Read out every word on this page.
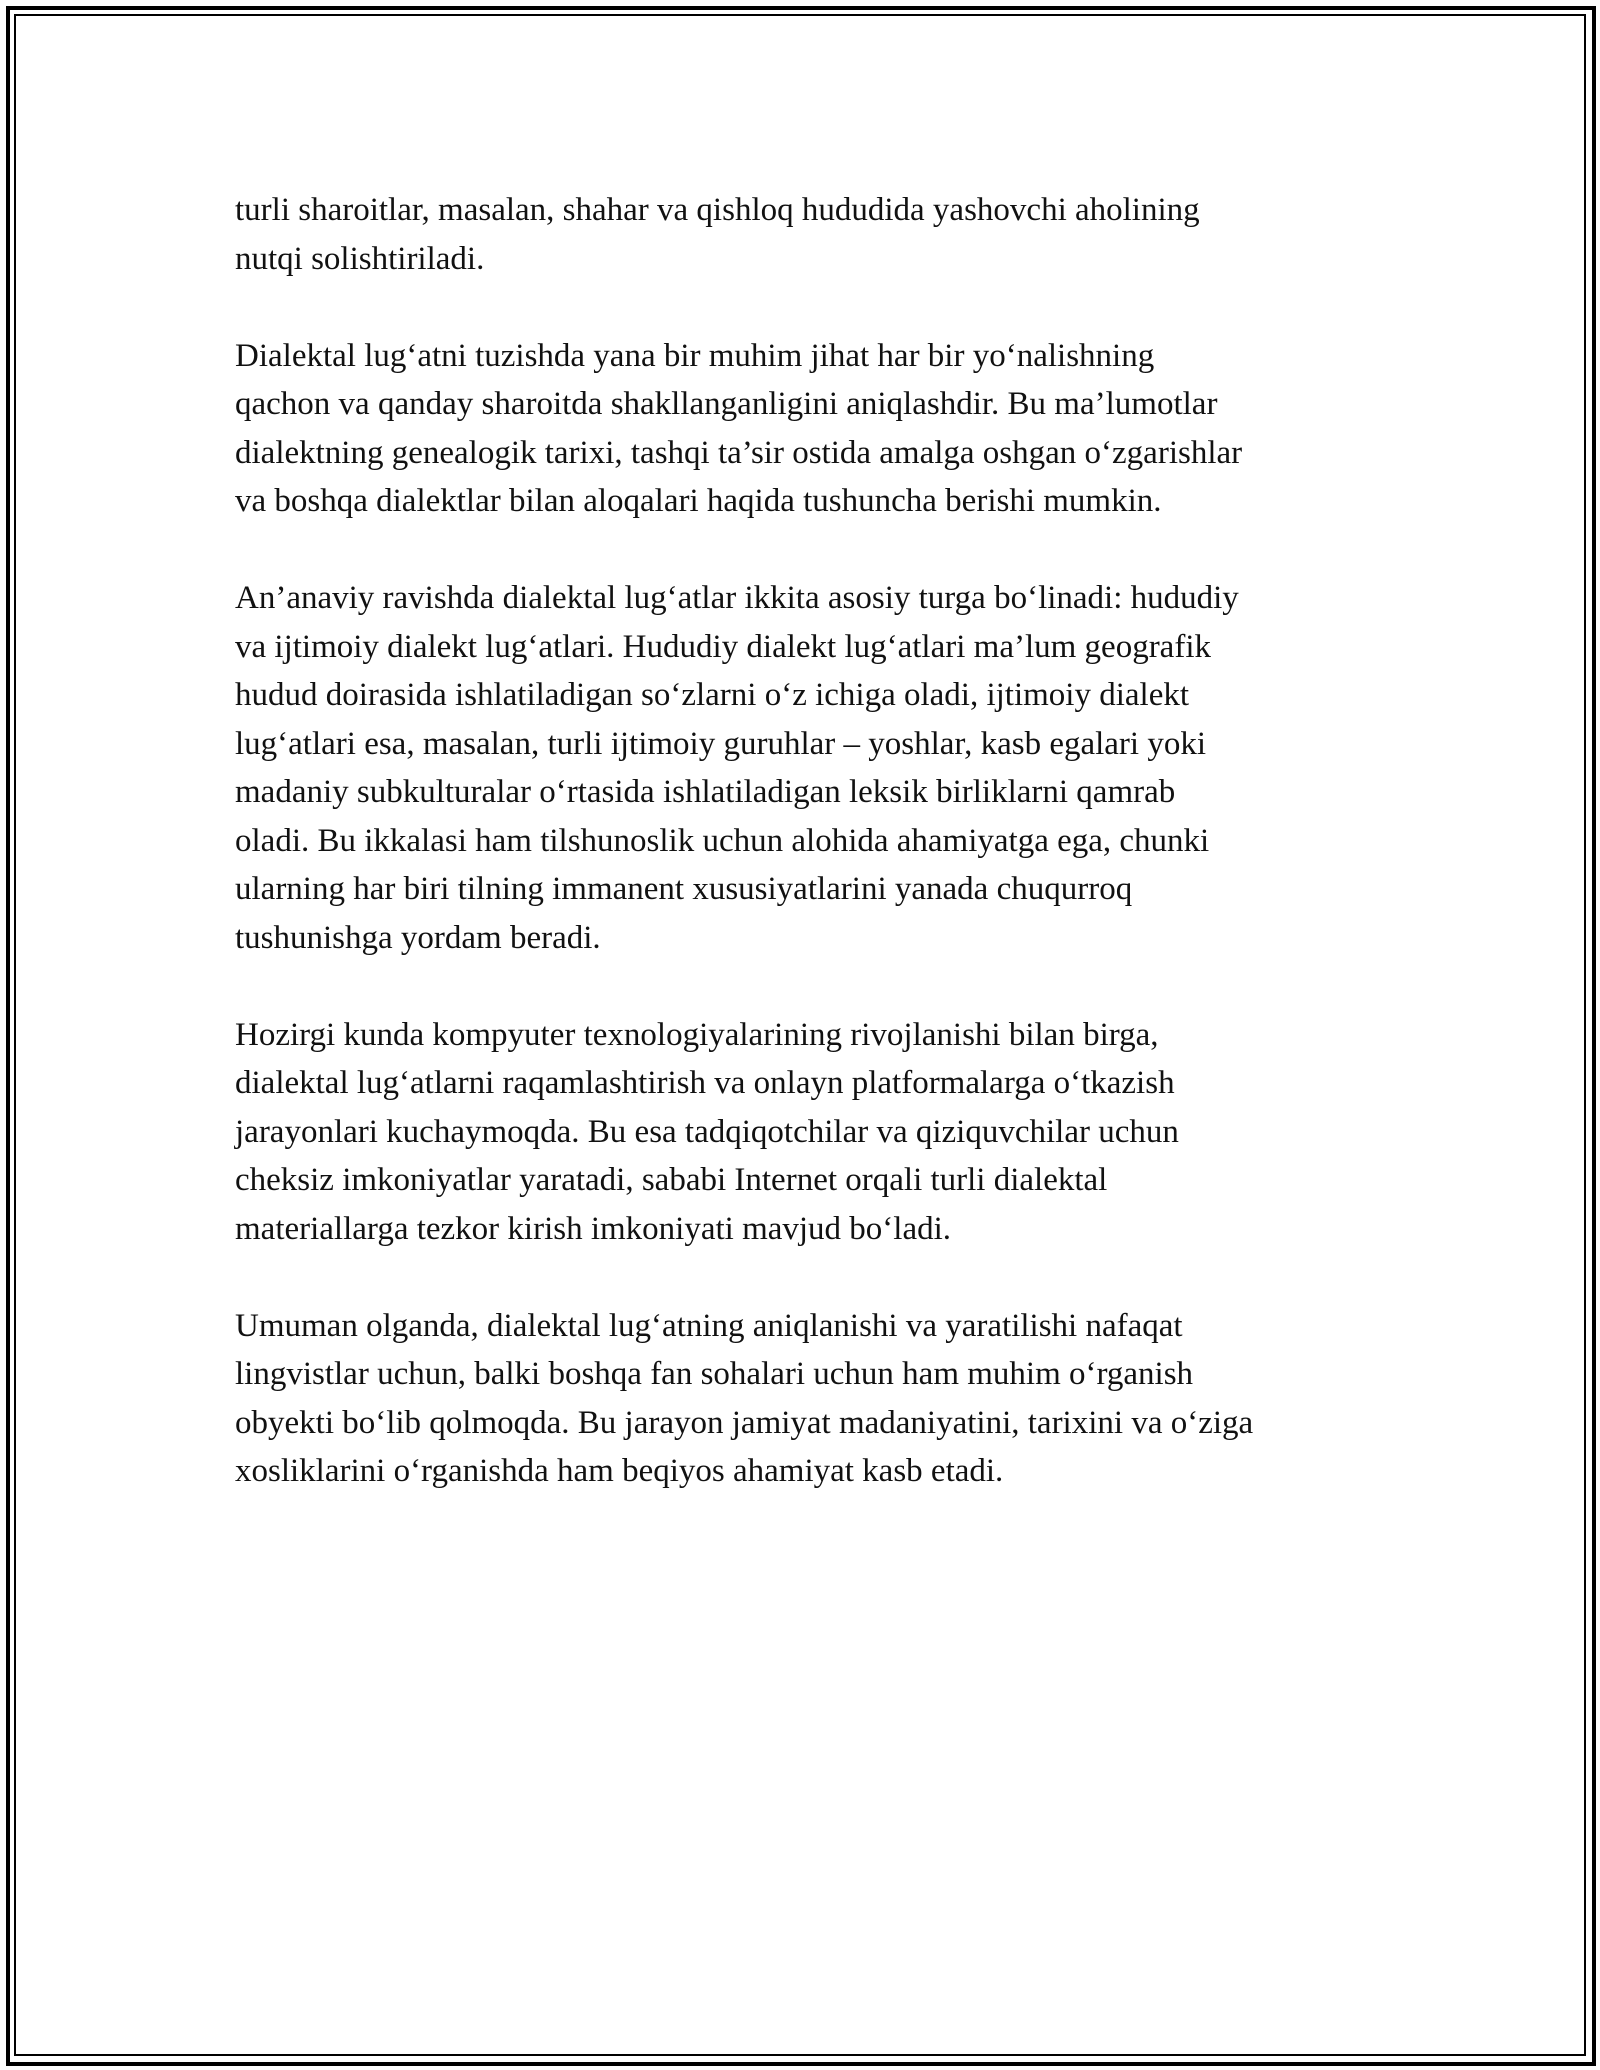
turli sharoitlar, masalan, shahar va qishloq hududida yashovchi aholining
nutqi solishtiriladi.

Dialektal lug‘atni tuzishda yana bir muhim jihat har bir yo‘nalishning
qachon va qanday sharoitda shakllanganligini aniqlashdir. Bu ma’lumotlar
dialektning genealogik tarixi, tashqi ta’sir ostida amalga oshgan o‘zgarishlar
va boshqa dialektlar bilan aloqalari haqida tushuncha berishi mumkin.

An’anaviy ravishda dialektal lug‘atlar ikkita asosiy turga bo‘linadi: hududiy
va ijtimoiy dialekt lug‘atlari. Hududiy dialekt lug‘atlari ma’lum geografik
hudud doirasida ishlatiladigan so‘zlarni o‘z ichiga oladi, ijtimoiy dialekt
lug‘atlari esa, masalan, turli ijtimoiy guruhlar – yoshlar, kasb egalari yoki
madaniy subkulturalar o‘rtasida ishlatiladigan leksik birliklarni qamrab
oladi. Bu ikkalasi ham tilshunoslik uchun alohida ahamiyatga ega, chunki
ularning har biri tilning immanent xususiyatlarini yanada chuqurroq
tushunishga yordam beradi.

Hozirgi kunda kompyuter texnologiyalarining rivojlanishi bilan birga,
dialektal lug‘atlarni raqamlashtirish va onlayn platformalarga o‘tkazish
jarayonlari kuchaymoqda. Bu esa tadqiqotchilar va qiziquvchilar uchun
cheksiz imkoniyatlar yaratadi, sababi Internet orqali turli dialektal
materiallarga tezkor kirish imkoniyati mavjud bo‘ladi.

Umuman olganda, dialektal lug‘atning aniqlanishi va yaratilishi nafaqat
lingvistlar uchun, balki boshqa fan sohalari uchun ham muhim o‘rganish
obyekti bo‘lib qolmoqda. Bu jarayon jamiyat madaniyatini, tarixini va o‘ziga
xosliklarini o‘rganishda ham beqiyos ahamiyat kasb etadi.
